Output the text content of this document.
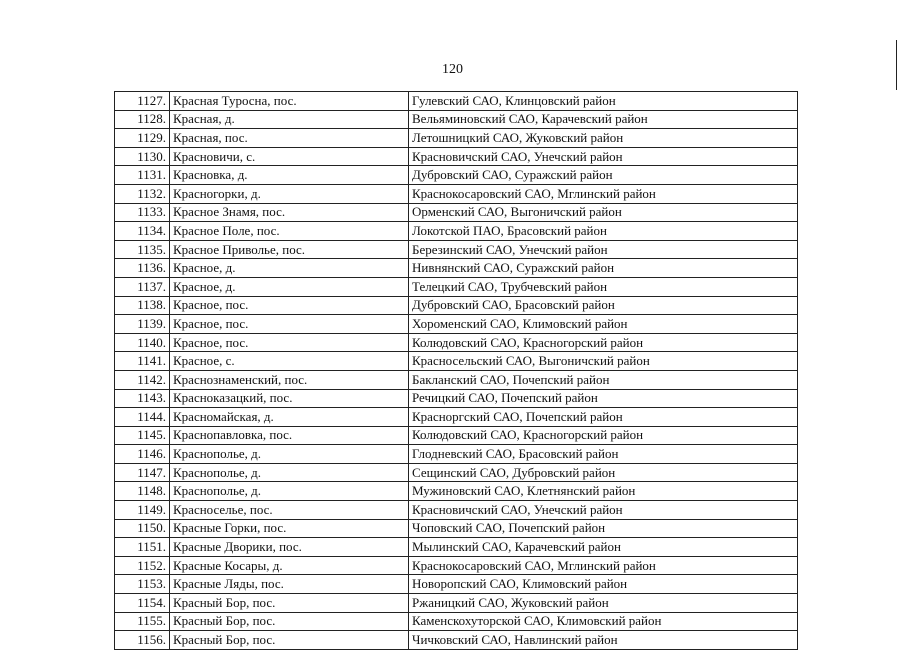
120
1127.	Красная Туросна, пос.	Гулевский САО, Клинцовский район
1128.	Красная, д.	Вельяминовский САО, Карачевский район
1129.	Красная, пос.	Летошницкий САО, Жуковский район
1130.	Красновичи, с.	Красновичский САО, Унечский район
1131.	Красновка, д.	Дубровский САО, Суражский район
1132.	Красногорки, д.	Краснокосаровский САО, Мглинский район
1133.	Красное Знамя, пос.	Орменский САО, Выгоничский район
1134.	Красное Поле, пос.	Локотской ПАО, Брасовский район
1135.	Красное Приволье, пос.	Березинский САО, Унечский район
1136.	Красное, д.	Нивнянский САО, Суражский район
1137.	Красное, д.	Телецкий САО, Трубчевский район
1138.	Красное, пос.	Дубровский САО, Брасовский район
1139.	Красное, пос.	Хороменский САО, Климовский район
1140.	Красное, пос.	Колюдовский САО, Красногорский район
1141.	Красное, с.	Красносельский САО, Выгоничский район
1142.	Краснознаменский, пос.	Бакланский САО, Почепский район
1143.	Красноказацкий, пос.	Речицкий САО, Почепский район
1144.	Красномайская, д.	Красноргский САО, Почепский район
1145.	Краснопавловка, пос.	Колюдовский САО, Красногорский район
1146.	Краснополье, д.	Глодневский САО, Брасовский район
1147.	Краснополье, д.	Сещинский САО, Дубровский район
1148.	Краснополье, д.	Мужиновский САО, Клетнянский район
1149.	Красноселье, пос.	Красновичский САО, Унечский район
1150.	Красные Горки, пос.	Чоповский САО, Почепский район
1151.	Красные Дворики, пос.	Мылинский САО, Карачевский район
1152.	Красные Косары, д.	Краснокосаровский САО, Мглинский район
1153.	Красные Ляды, пос.	Новоропский САО, Климовский район
1154.	Красный Бор, пос.	Ржаницкий САО, Жуковский район
1155.	Красный Бор, пос.	Каменскохуторской САО, Климовский район
1156.	Красный Бор, пос.	Чичковский САО, Навлинский район
